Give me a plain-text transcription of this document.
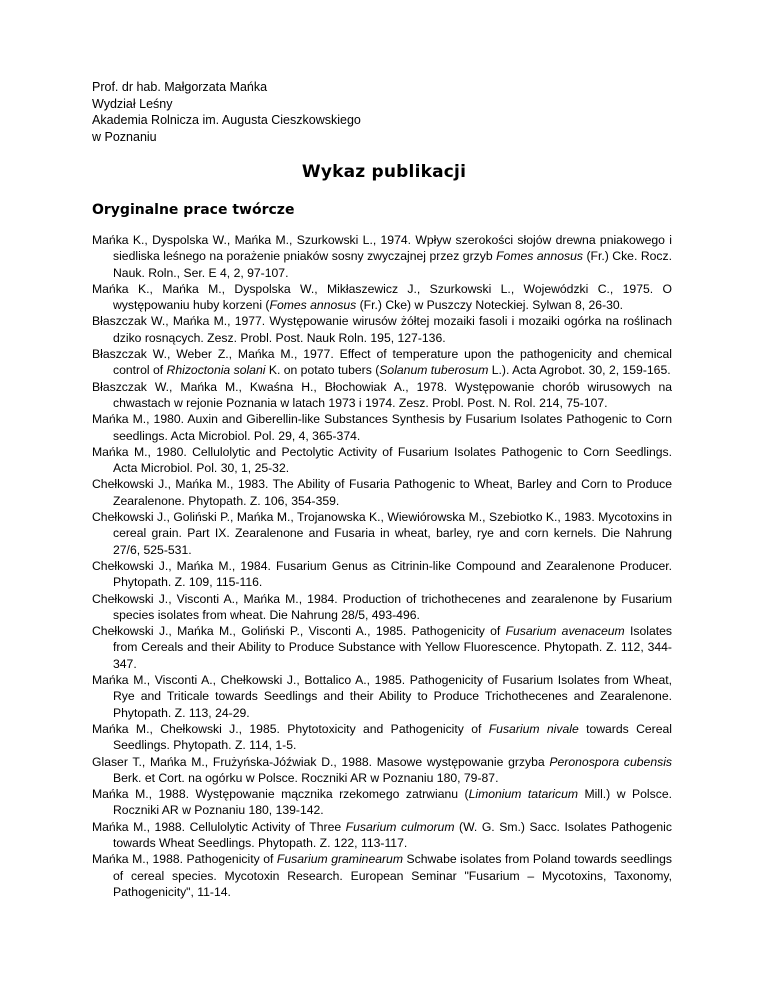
Prof. dr hab. Małgorzata Mańka
Wydział Leśny
Akademia Rolnicza im. Augusta Cieszkowskiego
w Poznaniu
Wykaz publikacji
Oryginalne prace twórcze

Mańka K., Dyspolska W., Mańka M., Szurkowski L., 1974. Wpływ szerokości słojów drewna pniakowego i siedliska leśnego na porażenie pniaków sosny zwyczajnej przez grzyb Fomes annosus (Fr.) Cke. Rocz. Nauk. Roln., Ser. E 4, 2, 97-107.

Mańka K., Mańka M., Dyspolska W., Mikłaszewicz J., Szurkowski L., Wojewódzki C., 1975. O występowaniu huby korzeni (Fomes annosus (Fr.) Cke) w Puszczy Noteckiej. Sylwan 8, 26-30.

Błaszczak W., Mańka M., 1977. Występowanie wirusów żółtej mozaiki fasoli i mozaiki ogórka na roślinach dziko rosnących. Zesz. Probl. Post. Nauk Roln. 195, 127-136.

Błaszczak W., Weber Z., Mańka M., 1977. Effect of temperature upon the pathogenicity and chemical control of Rhizoctonia solani K. on potato tubers (Solanum tuberosum L.). Acta Agrobot. 30, 2, 159-165.

Błaszczak W., Mańka M., Kwaśna H., Błochowiak A., 1978. Występowanie chorób wirusowych na chwastach w rejonie Poznania w latach 1973 i 1974. Zesz. Probl. Post. N. Rol. 214, 75-107.

Mańka M., 1980. Auxin and Giberellin-like Substances Synthesis by Fusarium Isolates Pathogenic to Corn seedlings. Acta Microbiol. Pol. 29, 4, 365-374.

Mańka M., 1980. Cellulolytic and Pectolytic Activity of Fusarium Isolates Pathogenic to Corn Seedlings. Acta Microbiol. Pol. 30, 1, 25-32.

Chełkowski J., Mańka M., 1983. The Ability of Fusaria Pathogenic to Wheat, Barley and Corn to Produce Zearalenone. Phytopath. Z. 106, 354-359.

Chełkowski J., Goliński P., Mańka M., Trojanowska K., Wiewiórowska M., Szebiotko K., 1983. Mycotoxins in cereal grain. Part IX. Zearalenone and Fusaria in wheat, barley, rye and corn kernels. Die Nahrung 27/6, 525-531.

Chełkowski J., Mańka M., 1984. Fusarium Genus as Citrinin-like Compound and Zearalenone Producer. Phytopath. Z. 109, 115-116.

Chełkowski J., Visconti A., Mańka M., 1984. Production of trichothecenes and zearalenone by Fusarium species isolates from wheat. Die Nahrung 28/5, 493-496.

Chełkowski J., Mańka M., Goliński P., Visconti A., 1985. Pathogenicity of Fusarium avenaceum Isolates from Cereals and their Ability to Produce Substance with Yellow Fluorescence. Phytopath. Z. 112, 344-347.

Mańka M., Visconti A., Chełkowski J., Bottalico A., 1985. Pathogenicity of Fusarium Isolates from Wheat, Rye and Triticale towards Seedlings and their Ability to Produce Trichothecenes and Zearalenone. Phytopath. Z. 113, 24-29.

Mańka M., Chełkowski J., 1985. Phytotoxicity and Pathogenicity of Fusarium nivale towards Cereal Seedlings. Phytopath. Z. 114, 1-5.

Glaser T., Mańka M., Frużyńska-Jóźwiak D., 1988. Masowe występowanie grzyba Peronospora cubensis Berk. et Cort. na ogórku w Polsce. Roczniki AR w Poznaniu 180, 79-87.

Mańka M., 1988. Występowanie mącznika rzekomego zatrwianu (Limonium tataricum Mill.) w Polsce. Roczniki AR w Poznaniu 180, 139-142.

Mańka M., 1988. Cellulolytic Activity of Three Fusarium culmorum (W. G. Sm.) Sacc. Isolates Pathogenic towards Wheat Seedlings. Phytopath. Z. 122, 113-117.

Mańka M., 1988. Pathogenicity of Fusarium graminearum Schwabe isolates from Poland towards seedlings of cereal species. Mycotoxin Research. European Seminar "Fusarium – Mycotoxins, Taxonomy, Pathogenicity", 11-14.
